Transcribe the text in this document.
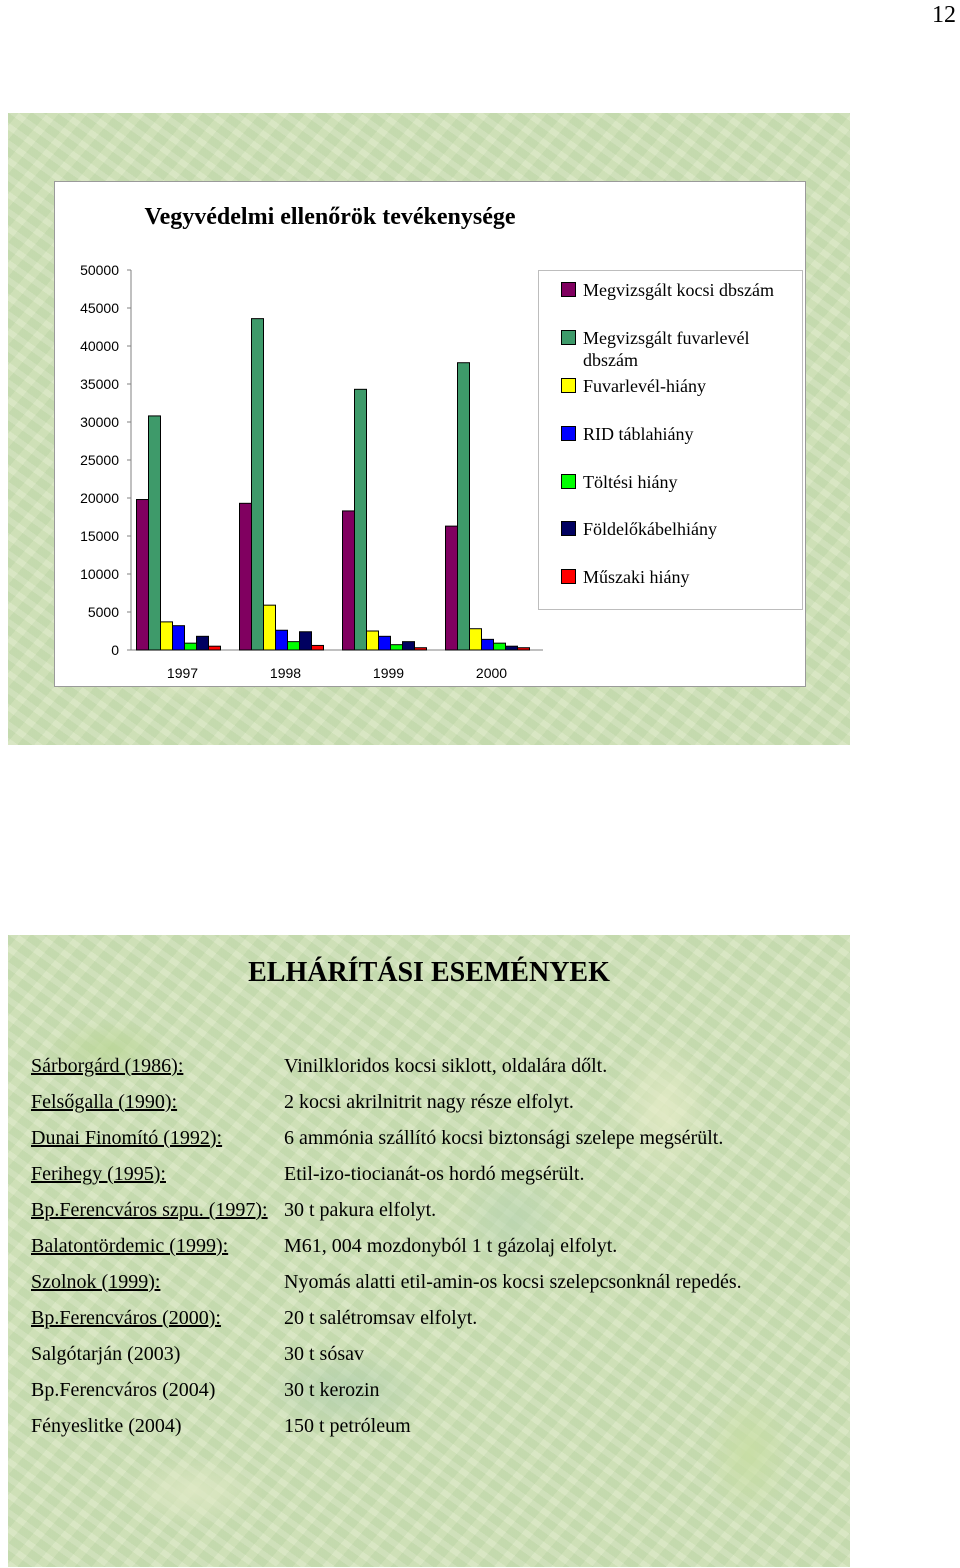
12
Vegyvédelmi ellenőrök tevékenysége
50000
45000
40000
35000
30000
25000
20000
15000
10000
5000
0
1997	1998	1999	2000
Megvizsgált kocsi dbszám
Megvizsgált fuvarlevél dbszám
Fuvarlevél-hiány
RID táblahiány
Töltési hiány
Földelőkábelhiány
Műszaki hiány
ELHÁRÍTÁSI ESEMÉNYEK
Sárborgárd (1986):	Vinilkloridos kocsi siklott, oldalára dőlt.
Felsőgalla (1990):	2 kocsi akrilnitrit nagy része elfolyt.
Dunai Finomító (1992):	6 ammónia szállító kocsi biztonsági szelepe megsérült.
Ferihegy (1995):	Etil-izo-tiocianát-os hordó megsérült.
Bp.Ferencváros szpu. (1997): 30 t pakura elfolyt.
Balatontördemic (1999):	M61, 004 mozdonyból 1 t gázolaj elfolyt.
Szolnok (1999):	Nyomás alatti etil-amin-os kocsi szelepcsonknál repedés.
Bp.Ferencváros (2000):	20 t salétromsav elfolyt.
Salgótarján (2003)	30 t sósav
Bp.Ferencváros (2004)	30 t kerozin
Fényeslitke (2004)	150 t petróleum
